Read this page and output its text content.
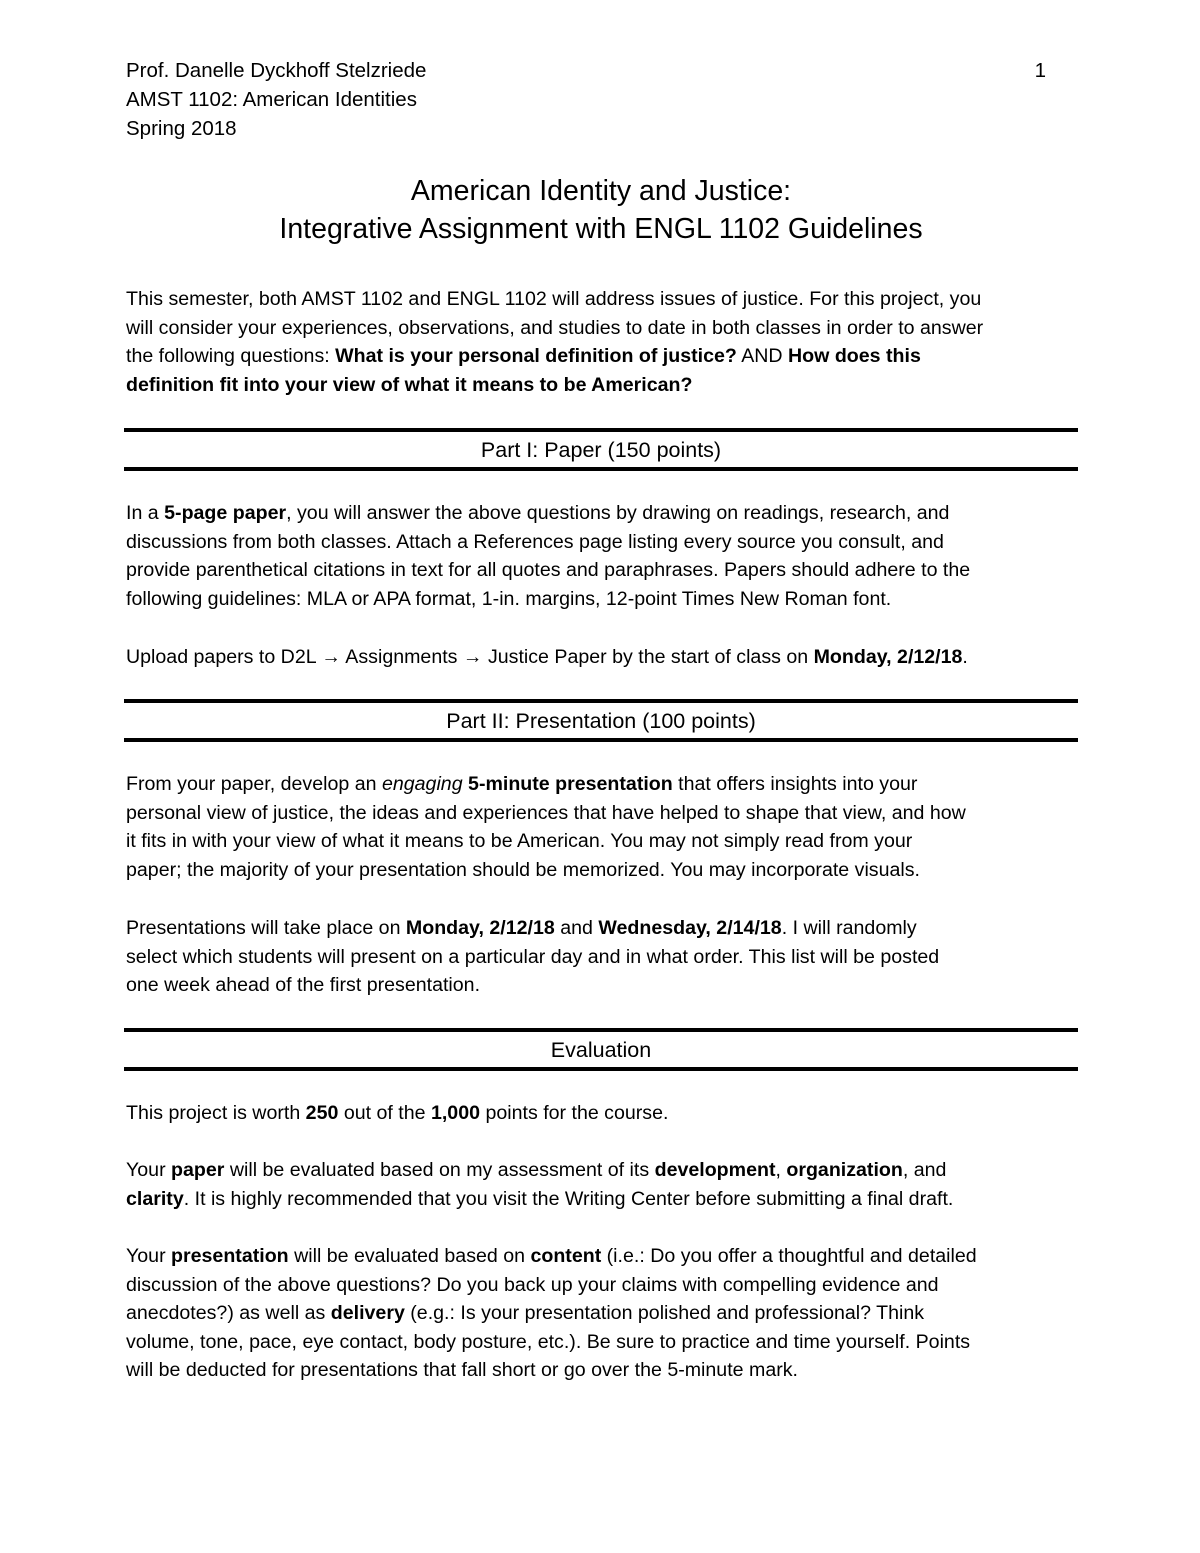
Prof. Danelle Dyckhoff Stelzriede
AMST 1102: American Identities
Spring 2018
1
American Identity and Justice:
Integrative Assignment with ENGL 1102 Guidelines
This semester, both AMST 1102 and ENGL 1102 will address issues of justice. For this project, you
will consider your experiences, observations, and studies to date in both classes in order to answer
the following questions: What is your personal definition of justice? AND How does this
definition fit into your view of what it means to be American?
Part I: Paper (150 points)
In a 5-page paper, you will answer the above questions by drawing on readings, research, and
discussions from both classes. Attach a References page listing every source you consult, and
provide parenthetical citations in text for all quotes and paraphrases. Papers should adhere to the
following guidelines: MLA or APA format, 1-in. margins, 12-point Times New Roman font.
Upload papers to D2L → Assignments → Justice Paper by the start of class on Monday, 2/12/18.
Part II: Presentation (100 points)
From your paper, develop an engaging 5-minute presentation that offers insights into your
personal view of justice, the ideas and experiences that have helped to shape that view, and how
it fits in with your view of what it means to be American. You may not simply read from your
paper; the majority of your presentation should be memorized. You may incorporate visuals.
Presentations will take place on Monday, 2/12/18 and Wednesday, 2/14/18. I will randomly
select which students will present on a particular day and in what order. This list will be posted
one week ahead of the first presentation.
Evaluation
This project is worth 250 out of the 1,000 points for the course.
Your paper will be evaluated based on my assessment of its development, organization, and
clarity. It is highly recommended that you visit the Writing Center before submitting a final draft.
Your presentation will be evaluated based on content (i.e.: Do you offer a thoughtful and detailed
discussion of the above questions? Do you back up your claims with compelling evidence and
anecdotes?) as well as delivery (e.g.: Is your presentation polished and professional? Think
volume, tone, pace, eye contact, body posture, etc.). Be sure to practice and time yourself. Points
will be deducted for presentations that fall short or go over the 5-minute mark.
